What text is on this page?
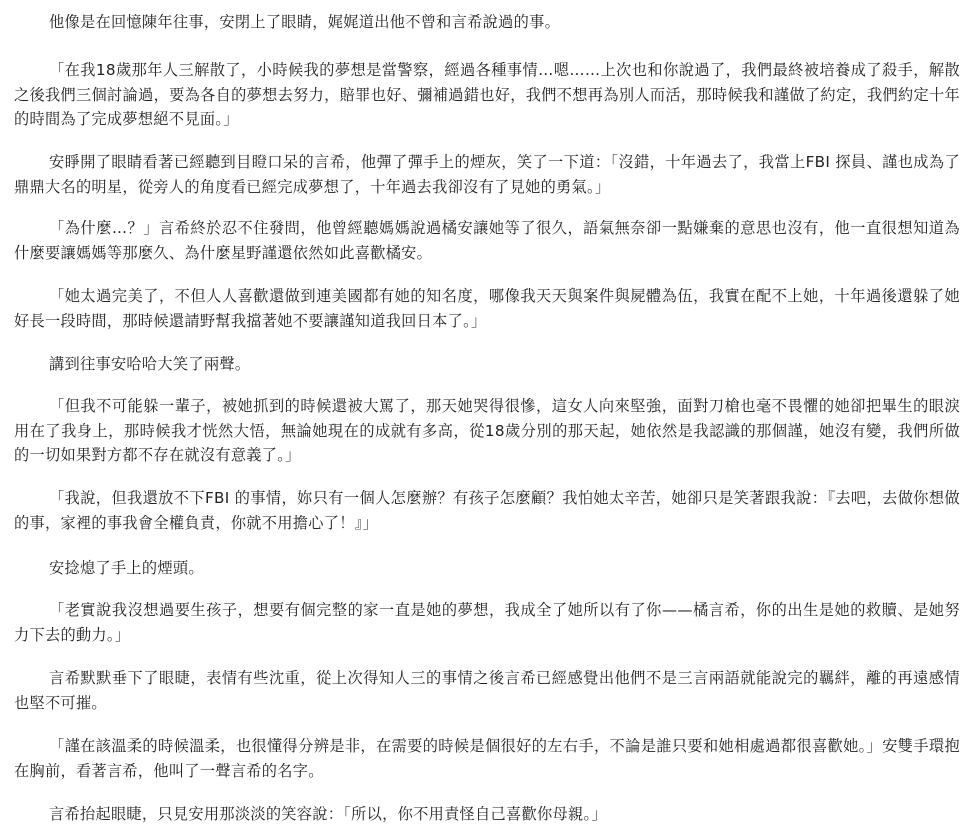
他像是在回憶陳年往事，安閉上了眼睛，娓娓道出他不曾和言希說過的事。

「在我18歲那年人三解散了，小時候我的夢想是當警察，經過各種事情…嗯……上次也和你說過了，我們最終被培養成了殺手，解散之後我們三個討論過，要為各自的夢想去努力，賠罪也好、彌補過錯也好，我們不想再為別人而活，那時候我和謹做了約定，我們約定十年的時間為了完成夢想絕不見面。」

安睜開了眼睛看著已經聽到目瞪口呆的言希，他彈了彈手上的煙灰，笑了一下道：「沒錯，十年過去了，我當上FBI 探員、謹也成為了鼎鼎大名的明星，從旁人的角度看已經完成夢想了，十年過去我卻沒有了見她的勇氣。」

「為什麼…？」言希終於忍不住發問，他曾經聽媽媽說過橘安讓她等了很久，語氣無奈卻一點嫌棄的意思也沒有，他一直很想知道為什麼要讓媽媽等那麼久、為什麼星野謹還依然如此喜歡橘安。

「她太過完美了，不但人人喜歡還做到連美國都有她的知名度，哪像我天天與案件與屍體為伍，我實在配不上她，十年過後還躲了她好長一段時間，那時候還請野幫我擋著她不要讓謹知道我回日本了。」

講到往事安哈哈大笑了兩聲。

「但我不可能躲一輩子，被她抓到的時候還被大罵了，那天她哭得很慘，這女人向來堅強，面對刀槍也毫不畏懼的她卻把畢生的眼淚用在了我身上，那時候我才恍然大悟，無論她現在的成就有多高，從18歲分別的那天起，她依然是我認識的那個謹，她沒有變，我們所做的一切如果對方都不存在就沒有意義了。」

「我說，但我還放不下FBI 的事情，妳只有一個人怎麼辦？有孩子怎麼顧？我怕她太辛苦，她卻只是笑著跟我說：『去吧，去做你想做的事，家裡的事我會全權負責，你就不用擔心了！』」

安捻熄了手上的煙頭。

「老實說我沒想過要生孩子，想要有個完整的家一直是她的夢想，我成全了她所以有了你——橘言希，你的出生是她的救贖、是她努力下去的動力。」

言希默默垂下了眼睫，表情有些沈重，從上次得知人三的事情之後言希已經感覺出他們不是三言兩語就能說完的羈絆，離的再遠感情也堅不可摧。

「謹在該溫柔的時候溫柔，也很懂得分辨是非，在需要的時候是個很好的左右手，不論是誰只要和她相處過都很喜歡她。」安雙手環抱在胸前，看著言希，他叫了一聲言希的名字。

言希抬起眼睫，只見安用那淡淡的笑容說：「所以，你不用責怪自己喜歡你母親。」
